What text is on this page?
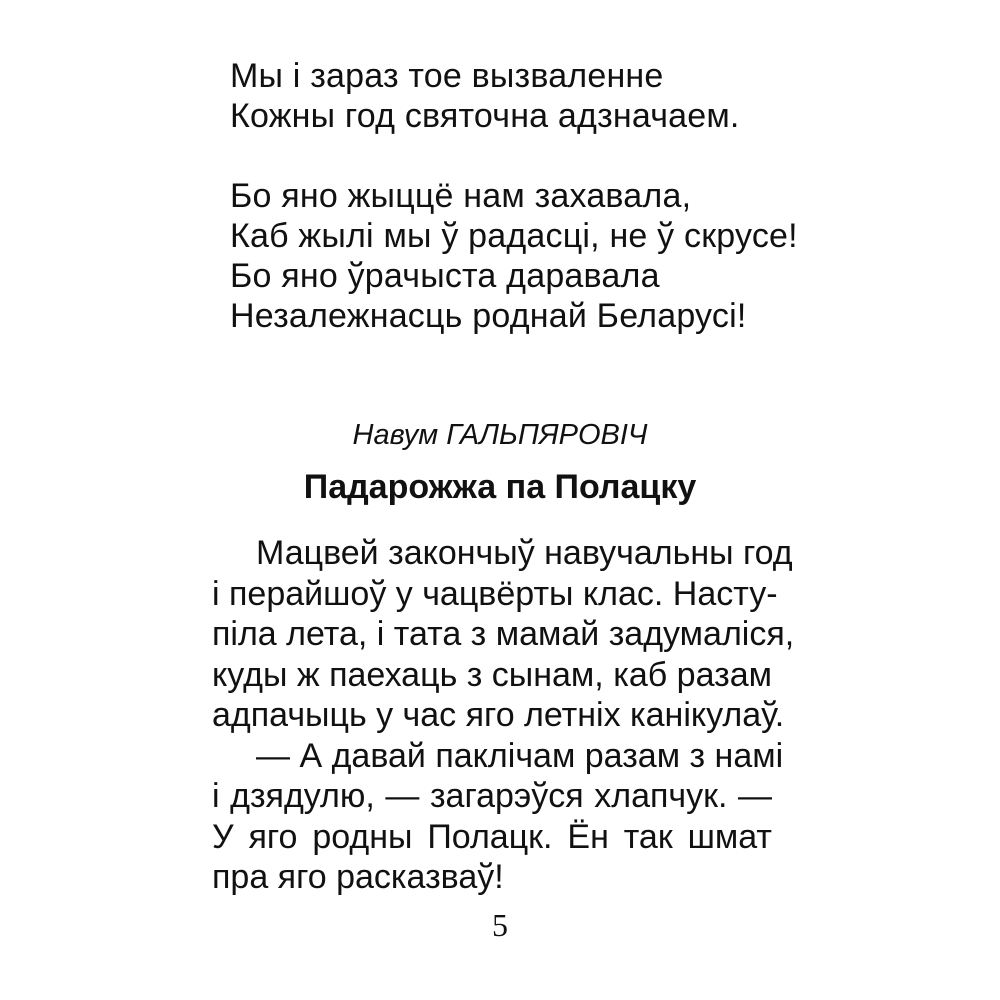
Мы і зараз тое вызваленне
Кожны год святочна адзначаем.
Бо яно жыццё нам захавала,
Каб жылі мы ў радасці, не ў скрусе!
Бо яно ўрачыста даравала
Незалежнасць роднай Беларусі!
Навум ГАЛЬПЯРОВІЧ
Падарожжа па Полацку
Мацвей закончыў навучальны год
і перайшоў у чацвёрты клас. Насту-
піла лета, і тата з мамай задумаліся,
куды ж паехаць з сынам, каб разам
адпачыць у час яго летніх канікулаў.
— А давай паклічам разам з намі
і дзядулю, — загарэўся хлапчук. —
У яго родны Полацк. Ён так шмат
пра яго расказваў!
5
